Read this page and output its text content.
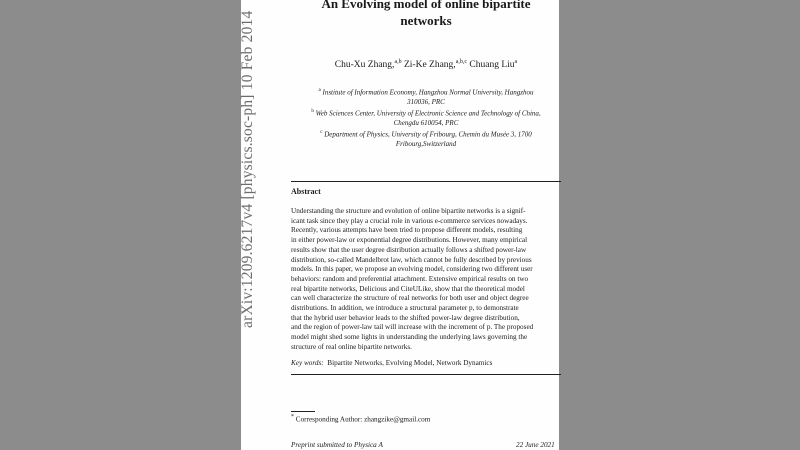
arXiv:1209.6217v4 [physics.soc-ph] 10 Feb 2014
An Evolving model of online bipartite
networks
Chu-Xu Zhang,$^{a,b}$ Zi-Ke Zhang,$^{a,b,c}$ Chuang Liu$^a$
$^a$ Institute of Information Economy, Hangzhou Normal University, Hangzhou
310036, PRC
$^b$ Web Sciences Center, University of Electronic Science and Technology of China,
Chengdu 610054, PRC
$^c$ Department of Physics, University of Fribourg, Chemin du Musée 3, 1700
Fribourg,Switzerland
Abstract
Understanding the structure and evolution of online bipartite networks is a signif-
icant task since they play a crucial role in various e-commerce services nowadays.
Recently, various attempts have been tried to propose different models, resulting
in either power-law or exponential degree distributions. However, many empirical
results show that the user degree distribution actually follows a shifted power-law
distribution, so-called Mandelbrot law, which cannot be fully described by previous
models. In this paper, we propose an evolving model, considering two different user
behaviors: random and preferential attachment. Extensive empirical results on two
real bipartite networks, Delicious and CiteULike, show that the theoretical model
can well characterize the structure of real networks for both user and object degree
distributions. In addition, we introduce a structural parameter p, to demonstrate
that the hybrid user behavior leads to the shifted power-law degree distribution,
and the region of power-law tail will increase with the increment of p. The proposed
model might shed some lights in understanding the underlying laws governing the
structure of real online bipartite networks.
Key words: Bipartite Networks, Evolving Model, Network Dynamics
* Corresponding Author: zhangzike@gmail.com
Preprint submitted to Physica A	22 June 2021
